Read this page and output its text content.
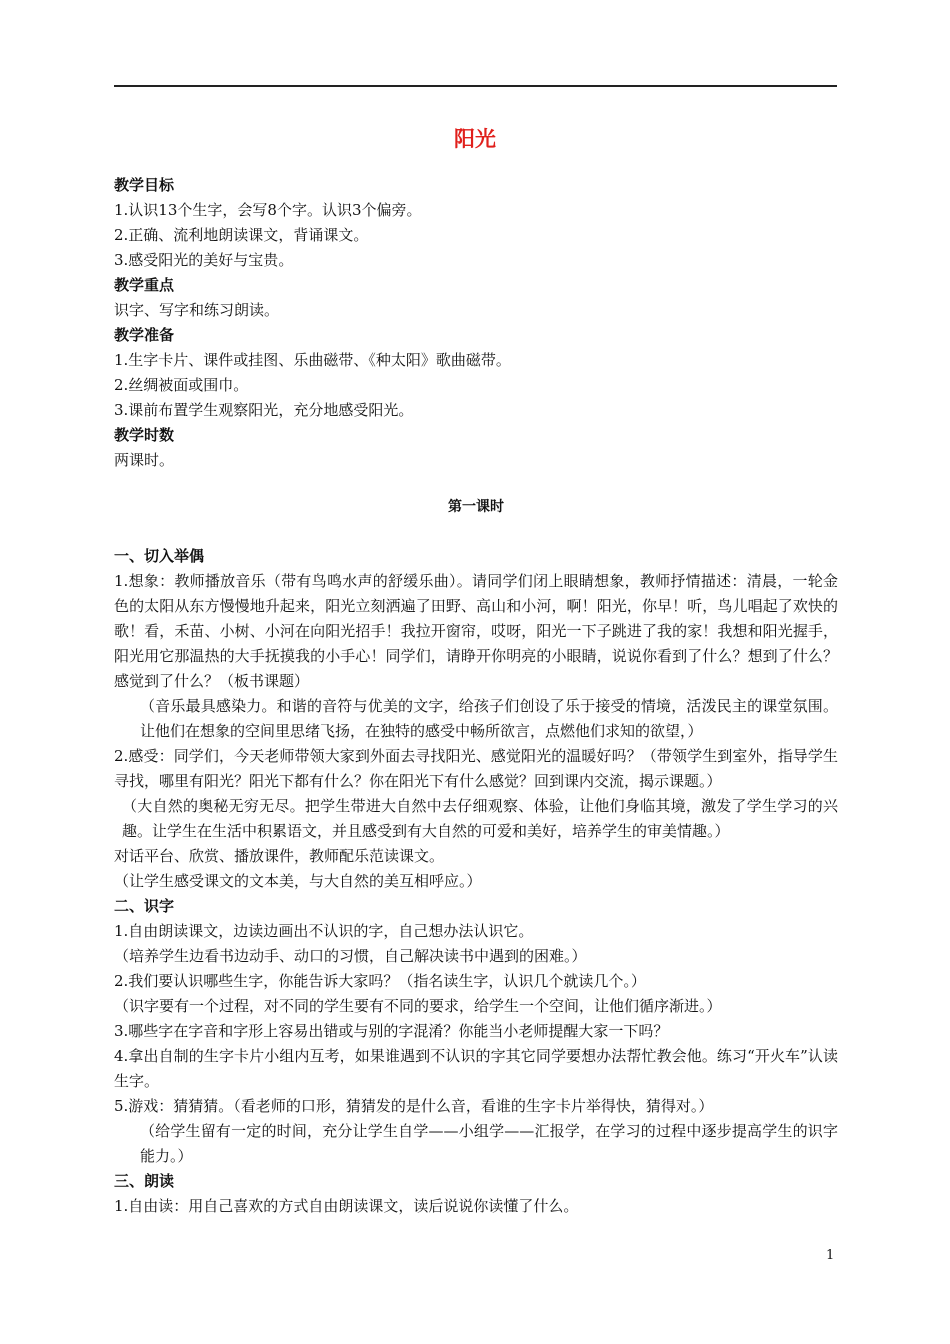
阳光
教学目标
1.认识13个生字，会写8个字。认识3个偏旁。
2.正确、流利地朗读课文，背诵课文。
3.感受阳光的美好与宝贵。
教学重点
识字、写字和练习朗读。
教学准备
1.生字卡片、课件或挂图、乐曲磁带、《种太阳》歌曲磁带。
2.丝绸被面或围巾。
3.课前布置学生观察阳光，充分地感受阳光。
教学时数
两课时。
第一课时
一、切入举偶
1.想象：教师播放音乐（带有鸟鸣水声的舒缓乐曲）。请同学们闭上眼睛想象，教师抒情描述：清晨，一轮金色的太阳从东方慢慢地升起来，阳光立刻洒遍了田野、高山和小河，啊！阳光，你早！听，鸟儿唱起了欢快的歌！看，禾苗、小树、小河在向阳光招手！我拉开窗帘，哎呀，阳光一下子跳进了我的家！我想和阳光握手，阳光用它那温热的大手抚摸我的小手心！同学们，请睁开你明亮的小眼睛，说说你看到了什么？想到了什么？感觉到了什么？（板书课题）
（音乐最具感染力。和谐的音符与优美的文字，给孩子们创设了乐于接受的情境，活泼民主的课堂氛围。让他们在想象的空间里思绪飞扬，在独特的感受中畅所欲言，点燃他们求知的欲望，）
2.感受：同学们，今天老师带领大家到外面去寻找阳光、感觉阳光的温暖好吗？（带领学生到室外，指导学生寻找，哪里有阳光？阳光下都有什么？你在阳光下有什么感觉？回到课内交流，揭示课题。）
（大自然的奥秘无穷无尽。把学生带进大自然中去仔细观察、体验，让他们身临其境，激发了学生学习的兴趣。让学生在生活中积累语文，并且感受到有大自然的可爱和美好，培养学生的审美情趣。）
对话平台、欣赏、播放课件，教师配乐范读课文。
（让学生感受课文的文本美，与大自然的美互相呼应。）
二、识字
1.自由朗读课文，边读边画出不认识的字，自己想办法认识它。
（培养学生边看书边动手、动口的习惯，自己解决读书中遇到的困难。）
2.我们要认识哪些生字，你能告诉大家吗？（指名读生字，认识几个就读几个。）
（识字要有一个过程，对不同的学生要有不同的要求，给学生一个空间，让他们循序渐进。）
3.哪些字在字音和字形上容易出错或与别的字混淆？你能当小老师提醒大家一下吗？
4.拿出自制的生字卡片小组内互考，如果谁遇到不认识的字其它同学要想办法帮忙教会他。练习“开火车”认读生字。
5.游戏：猜猜猜。（看老师的口形，猜猜发的是什么音，看谁的生字卡片举得快，猜得对。）
（给学生留有一定的时间，充分让学生自学——小组学——汇报学，在学习的过程中逐步提高学生的识字能力。）
三、朗读
1.自由读：用自己喜欢的方式自由朗读课文，读后说说你读懂了什么。
1
